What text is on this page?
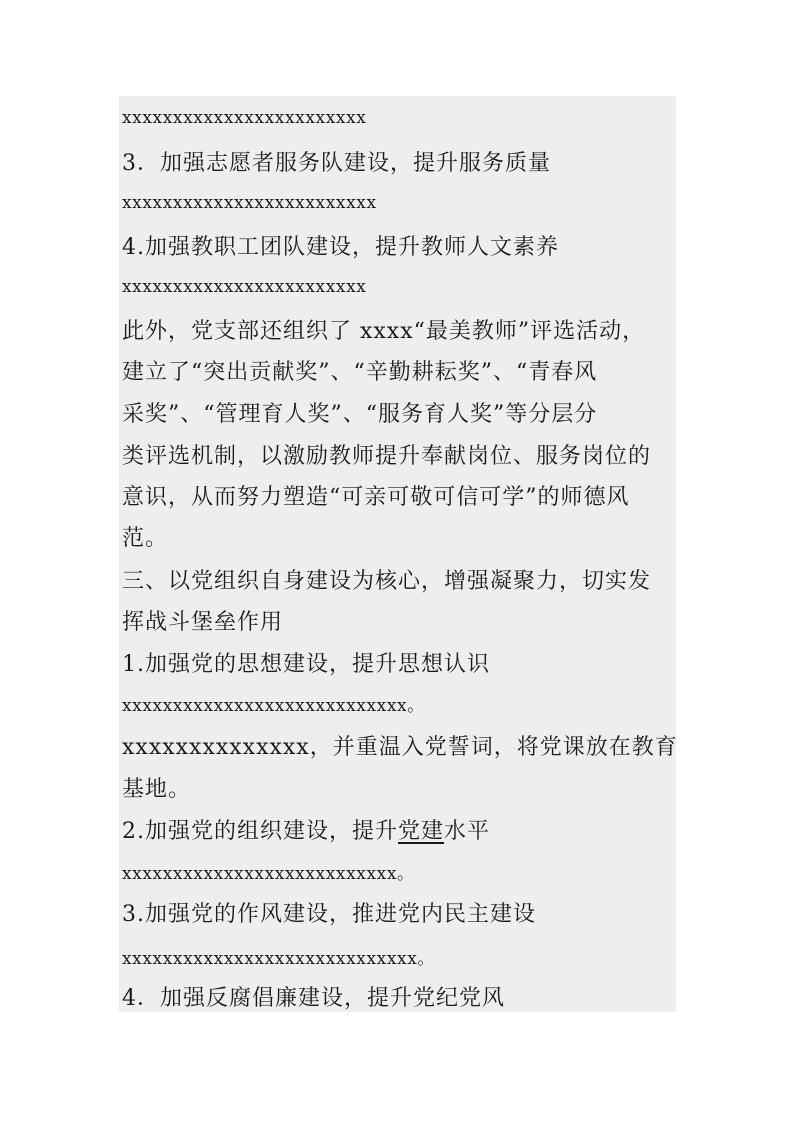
xxxxxxxxxxxxxxxxxxxxxxxx
3．加强志愿者服务队建设，提升服务质量
xxxxxxxxxxxxxxxxxxxxxxxxx
4.加强教职工团队建设，提升教师人文素养
xxxxxxxxxxxxxxxxxxxxxxxx
此外，党支部还组织了 xxxx“最美教师”评选活动，
建立了“突出贡献奖”、“辛勤耕耘奖”、“青春风
采奖”、“管理育人奖”、“服务育人奖”等分层分
类评选机制，以激励教师提升奉献岗位、服务岗位的
意识，从而努力塑造“可亲可敬可信可学”的师德风
范。
三、以党组织自身建设为核心，增强凝聚力，切实发
挥战斗堡垒作用
1.加强党的思想建设，提升思想认识
xxxxxxxxxxxxxxxxxxxxxxxxxxxx。
xxxxxxxxxxxxxx，并重温入党誓词，将党课放在教育
基地。
2.加强党的组织建设，提升党建水平
xxxxxxxxxxxxxxxxxxxxxxxxxxx。
3.加强党的作风建设，推进党内民主建设
xxxxxxxxxxxxxxxxxxxxxxxxxxxxx。
4．加强反腐倡廉建设，提升党纪党风
